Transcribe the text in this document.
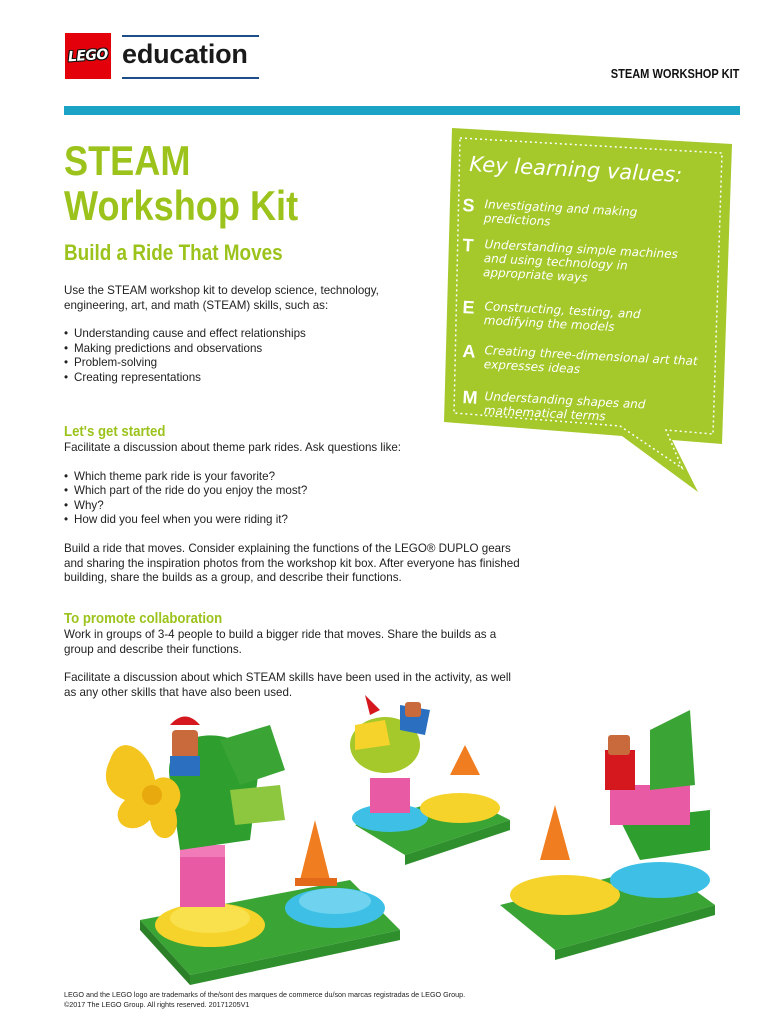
LEGO education
STEAM WORKSHOP KIT
STEAM
Workshop Kit
Build a Ride That Moves
Use the STEAM workshop kit to develop science, technology, engineering, art, and math (STEAM) skills, such as:
• Understanding cause and effect relationships
• Making predictions and observations
• Problem-solving
• Creating representations
Let's get started
Facilitate a discussion about theme park rides. Ask questions like:
• Which theme park ride is your favorite?
• Which part of the ride do you enjoy the most?
• Why?
• How did you feel when you were riding it?
Build a ride that moves. Consider explaining the functions of the LEGO® DUPLO gears and sharing the inspiration photos from the workshop kit box. After everyone has finished building, share the builds as a group, and describe their functions.
To promote collaboration
Work in groups of 3-4 people to build a bigger ride that moves. Share the builds as a group and describe their functions.
Facilitate a discussion about which STEAM skills have been used in the activity, as well as any other skills that have also been used.
Key learning values:
S Investigating and making predictions
T Understanding simple machines and using technology in appropriate ways
E Constructing, testing, and modifying the models
A Creating three-dimensional art that expresses ideas
M Understanding shapes and mathematical terms
LEGO and the LEGO logo are trademarks of the/sont des marques de commerce du/son marcas registradas de LEGO Group.
©2017 The LEGO Group. All rights reserved. 20171205V1
